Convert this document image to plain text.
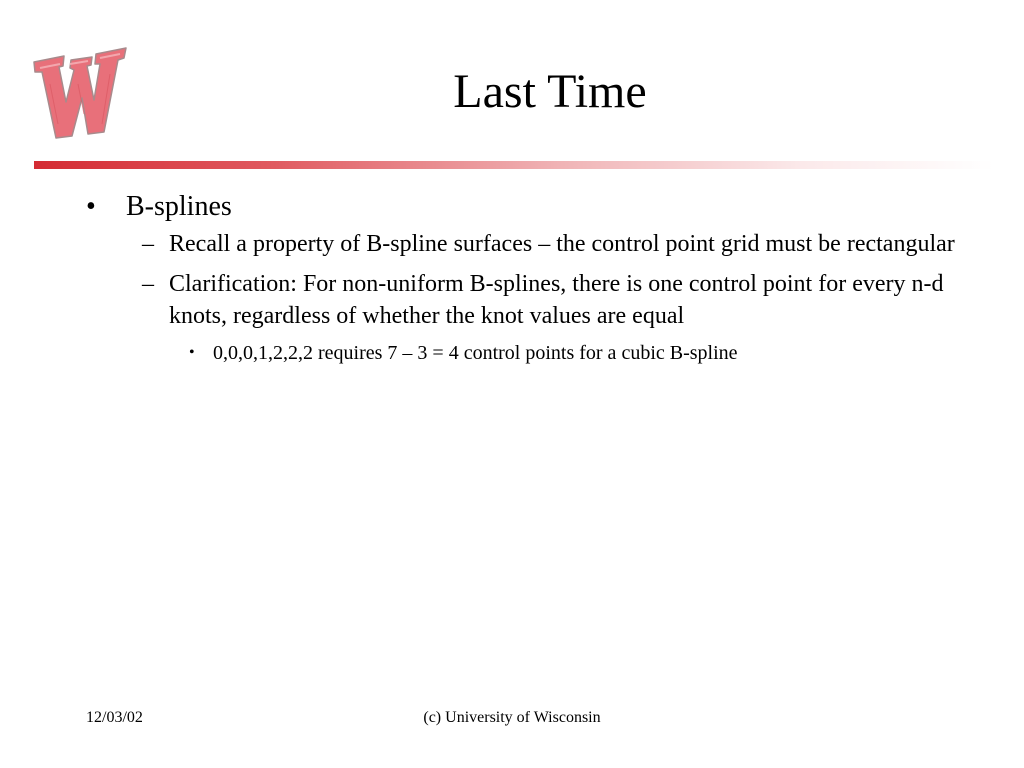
Last Time
•	B-splines
– Recall a property of B-spline surfaces – the control point grid must be rectangular
– Clarification: For non-uniform B-splines, there is one control point for every n-d knots, regardless of whether the knot values are equal
• 0,0,0,1,2,2,2 requires 7 – 3 = 4 control points for a cubic B-spline
12/03/02	(c) University of Wisconsin
